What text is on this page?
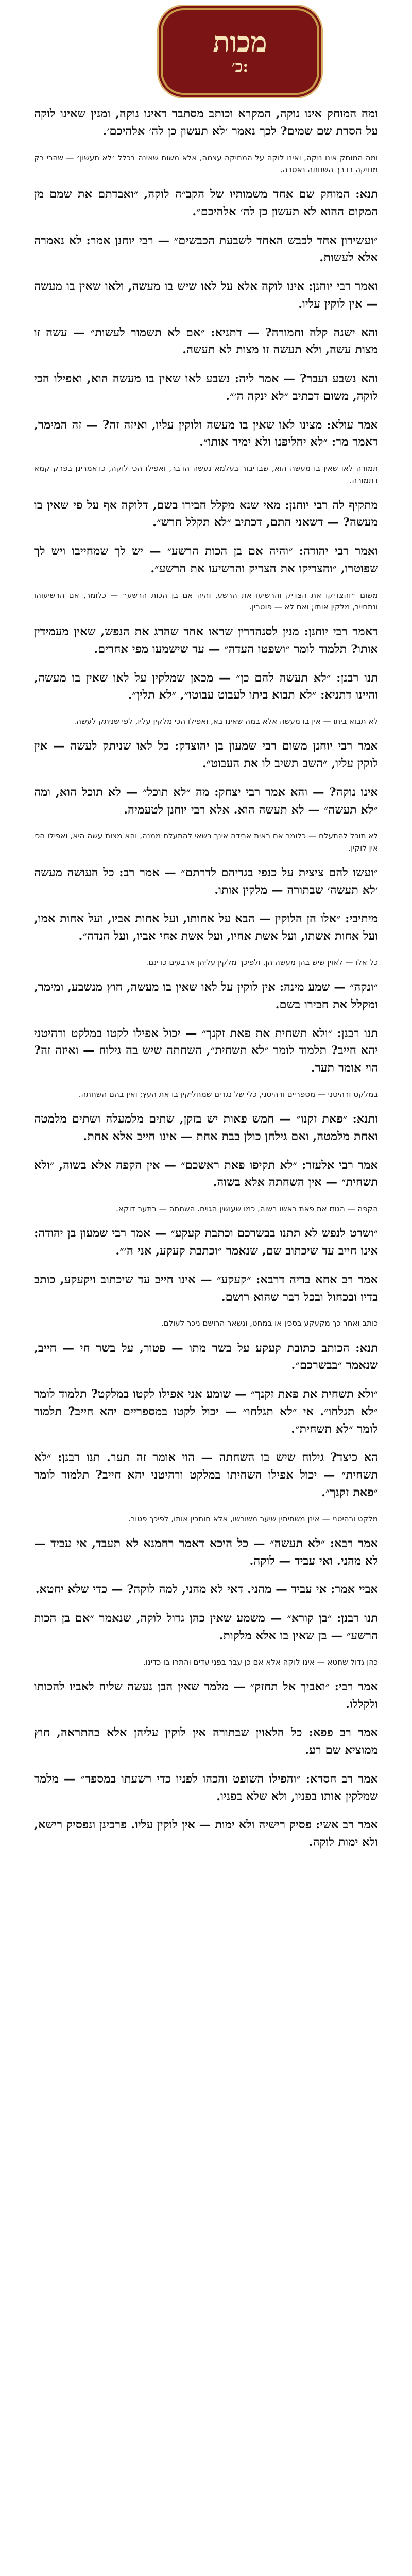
מכות
כ׳:

ומה המוחק אינו נוקה, המקרא וכותב מסתבר דאינו נוקה, ומנין שאינו לוקה על הסרת שם שמים? לכך נאמר ׳לא תעשון כן לה׳ אלהיכם׳.

ומה המוחק אינו נוקה, ואינו לוקה על המחיקה עצמה, אלא משום שאינה בכלל ׳לא תעשון׳ — שהרי רק מחיקה בדרך השחתה נאסרה.

תנא: המוחק שם אחד משמותיו של הקב״ה לוקה, ״ואבדתם את שמם מן המקום ההוא לא תעשון כן לה׳ אלהיכם״.

״ועשירון אחד לכבש האחד לשבעת הכבשים״ — רבי יוחנן אמר: לא נאמרה אלא לעשות.

ואמר רבי יוחנן: אינו לוקה אלא על לאו שיש בו מעשה, ולאו שאין בו מעשה — אין לוקין עליו.

והא ישנה קלה וחמורה? — דתניא: ״אם לא תשמור לעשות״ — עשה זו מצות עשה, ולא תעשה זו מצות לא תעשה.

והא נשבע ועבר? — אמר ליה: נשבע לאו שאין בו מעשה הוא, ואפילו הכי לוקה, משום דכתיב ״לא ינקה ה׳״.

אמר עולא: מצינו לאו שאין בו מעשה ולוקין עליו, ואיזה זה? — זה המימר, דאמר מר: ״לא יחליפנו ולא ימיר אותו״.

תמורה לאו שאין בו מעשה הוא, שבדיבור בעלמא נעשה הדבר, ואפילו הכי לוקה, כדאמרינן בפרק קמא דתמורה.

מתקיף לה רבי יוחנן: מאי שנא מקלל חבירו בשם, דלוקה אף על פי שאין בו מעשה? — דשאני התם, דכתיב ״לא תקלל חרש״.

ואמר רבי יהודה: ״והיה אם בן הכות הרשע״ — יש לך שמחייבו ויש לך שפוטרו, ״והצדיקו את הצדיק והרשיעו את הרשע״.

משום ״והצדיקו את הצדיק והרשיעו את הרשע, והיה אם בן הכות הרשע״ — כלומר, אם הרשיעוהו ונתחייב, מלקין אותו; ואם לא — פוטרין.

דאמר רבי יוחנן: מנין לסנהדרין שראו אחד שהרג את הנפש, שאין מעמידין אותו? תלמוד לומר ״ושפטו העדה״ — עד שישמעו מפי אחרים.

תנו רבנן: ״לא תעשה להם כן״ — מכאן שמלקין על לאו שאין בו מעשה, והיינו דתניא: ״לא תבוא ביתו לעבוט עבוטו״, ״לא תלין״.

לא תבוא ביתו — אין בו מעשה אלא במה שאינו בא, ואפילו הכי מלקין עליו, לפי שניתק לעשה.

אמר רבי יוחנן משום רבי שמעון בן יהוצדק: כל לאו שניתק לעשה — אין לוקין עליו, ״השב תשיב לו את העבוט״.

אינו נוקה? — והא אמר רבי יצחק: מה ״לא תוכל״ — לא תוכל הוא, ומה ״לא תעשה״ — לא תעשה הוא. אלא רבי יוחנן לטעמיה.

לא תוכל להתעלם — כלומר אם ראית אבידה אינך רשאי להתעלם ממנה, והא מצות עשה היא, ואפילו הכי אין לוקין.

״ועשו להם ציצית על כנפי בגדיהם לדרתם״ — אמר רב: כל העושה מעשה ׳לא תעשה׳ שבתורה — מלקין אותו.

מיתיבי: ״אלו הן הלוקין — הבא על אחותו, ועל אחות אביו, ועל אחות אמו, ועל אחות אשתו, ועל אשת אחיו, ועל אשת אחי אביו, ועל הנדה״.

כל אלו — לאוין שיש בהן מעשה הן, ולפיכך מלקין עליהן ארבעים כדינם.

״ונקה״ — שמע מינה: אין לוקין על לאו שאין בו מעשה, חוץ מנשבע, ומימר, ומקלל את חבירו בשם.

תנו רבנן: ״ולא תשחית את פאת זקנך״ — יכול אפילו לקטו במלקט ורהיטני יהא חייב? תלמוד לומר ״לא תשחית״, השחתה שיש בה גילוח — ואיזה זה? הוי אומר תער.

במלקט ורהיטני — מספריים ורהיטני, כלי של נגרים שמחליקין בו את העץ; ואין בהם השחתה.

ותנא: ״פאת זקנו״ — חמש פאות יש בזקן, שתים מלמעלה ושתים מלמטה ואחת מלמטה, ואם גילחן כולן בבת אחת — אינו חייב אלא אחת.

אמר רבי אלעזר: ״לא תקיפו פאת ראשכם״ — אין הקפה אלא בשוה, ״ולא תשחית״ — אין השחתה אלא בשוה.

הקפה — הגוזז את פאת ראשו בשוה, כמו שעושין הגוים. השחתה — בתער דוקא.

״ושרט לנפש לא תתנו בבשרכם וכתבת קעקע״ — אמר רבי שמעון בן יהודה: אינו חייב עד שיכתוב שם, שנאמר ״וכתבת קעקע, אני ה׳״.

אמר רב אחא בריה דרבא: ״קעקע״ — אינו חייב עד שיכתוב ויקעקע, כותב בדיו ובכחול ובכל דבר שהוא רושם.

כותב ואחר כך מקעקע בסכין או במחט, ונשאר הרושם ניכר לעולם.

תנא: הכותב כתובת קעקע על בשר מתו — פטור, על בשר חי — חייב, שנאמר ״בבשרכם״.

״ולא תשחית את פאת זקנך״ — שומע אני אפילו לקטו במלקט? תלמוד לומר ״לא תגלחו״. אי ״לא תגלחו״ — יכול לקטו במספריים יהא חייב? תלמוד לומר ״לא תשחית״.

הא כיצד? גילוח שיש בו השחתה — הוי אומר זה תער. תנו רבנן: ״לא תשחית״ — יכול אפילו השחיתו במלקט ורהיטני יהא חייב? תלמוד לומר ״פאת זקנך״.

מלקט ורהיטני — אינן משחיתין שיער משורשו, אלא חותכין אותו, לפיכך פטור.

אמר רבא: ״לא תעשה״ — כל היכא דאמר רחמנא לא תעבד, אי עביד — לא מהני. ואי עביד — לוקה.

אביי אמר: אי עביד — מהני. דאי לא מהני, למה לוקה? — כדי שלא יחטא.

תנו רבנן: ״בן קורא״ — משמע שאין כהן גדול לוקה, שנאמר ״אם בן הכות הרשע״ — בן שאין בו אלא מלקות.

כהן גדול שחטא — אינו לוקה אלא אם כן עבר בפני עדים והתרו בו כדינו.

אמר רבי: ״ואביך אל תחזק״ — מלמד שאין הבן נעשה שליח לאביו להכותו ולקללו.

אמר רב פפא: כל הלאוין שבתורה אין לוקין עליהן אלא בהתראה, חוץ ממוציא שם רע.

אמר רב חסדא: ״והפילו השופט והכהו לפניו כדי רשעתו במספר״ — מלמד שמלקין אותו בפניו, ולא שלא בפניו.

אמר רב אשי: פסיק רישיה ולא ימות — אין לוקין עליו. פרכינן ונפסיק רישא, ולא ימות לוקה.
